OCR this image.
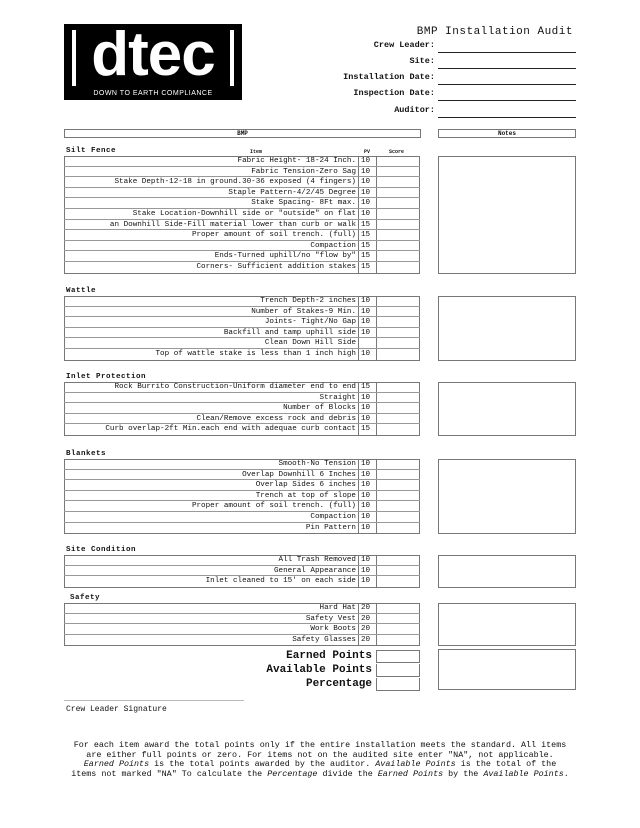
dtec
DOWN TO EARTH COMPLIANCE
BMP Installation Audit
Crew Leader:
Site:
Installation Date:
Inspection Date:
Auditor:
BMP	Notes
Silt Fence	Item	PV	Score
Fabric Height- 18-24 Inch. 10
Fabric Tension-Zero Sag 10
Stake Depth-12-18 in ground.30-36 exposed (4 fingers) 10
Staple Pattern-4/2/45 Degree 10
Stake Spacing- 8Ft max. 10
Stake Location-Downhill side or "outside" on flat 10
an Downhill Side-Fill material lower than curb or walk 15
Proper amount of soil trench. (full) 15
Compaction 15
Ends-Turned uphill/no "flow by" 15
Corners- Sufficient addition stakes 15
Wattle
Trench Depth-2 inches 10
Number of Stakes-9 Min. 10
Joints- Tight/No Gap 10
Backfill and tamp uphill side 10
Clean Down Hill Side
Top of wattle stake is less than 1 inch high 10
Inlet Protection
Rock Burrito Construction-Uniform diameter end to end 15
Straight 10
Number of Blocks 10
Clean/Remove excess rock and debris 10
Curb overlap-2ft Min.each end with adequae curb contact 15
Blankets
Smooth-No Tension 10
Overlap Downhill 6 Inches 10
Overlap Sides 6 inches 10
Trench at top of slope 10
Proper amount of soil trench. (full) 10
Compaction 10
Pin Pattern 10
Site Condition
All Trash Removed 10
General Appearance 10
Inlet cleaned to 15' on each side 10
Safety
Hard Hat 20
Safety Vest 20
Work Boots 20
Safety Glasses 20
Earned Points
Available Points
Percentage
Crew Leader Signature
For each item award the total points only if the entire installation meets the standard. All items
are either full points or zero. For items not on the audited site enter "NA", not applicable.
Earned Points is the total points awarded by the auditor. Available Points is the total of the
items not marked "NA" To calculate the Percentage divide the Earned Points by the Available Points.
